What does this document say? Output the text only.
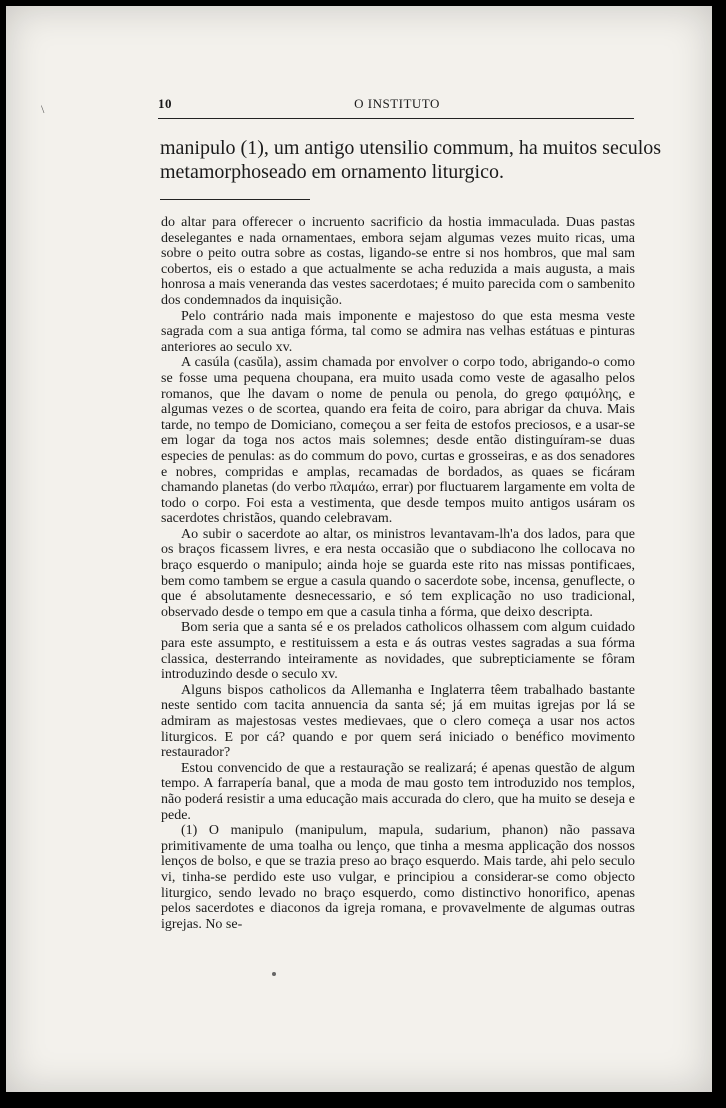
\	10	O INSTITUTO
manipulo (1), um antigo utensilio commum, ha muitos seculos
metamorphoseado em ornamento liturgico.

do altar para offerecer o incruento sacrificio da hostia immaculada. Duas pastas deselegantes e nada ornamentaes, embora sejam algumas vezes muito ricas, uma sobre o peito outra sobre as costas, ligando-se entre si nos hombros, que mal sam cobertos, eis o estado a que actualmente se acha reduzida a mais augusta, a mais honrosa a mais veneranda das vestes sacerdotaes; é muito parecida com o sambenito dos condemnados da inquisição.

Pelo contrário nada mais imponente e majestoso do que esta mesma veste sagrada com a sua antiga fórma, tal como se admira nas velhas estátuas e pinturas anteriores ao seculo xv.

A casúla (casŭla), assim chamada por envolver o corpo todo, abrigando-o como se fosse uma pequena choupana, era muito usada como veste de agasalho pelos romanos, que lhe davam o nome de penula ou penola, do grego φαιμόλης, e algumas vezes o de scortea, quando era feita de coiro, para abrigar da chuva. Mais tarde, no tempo de Domiciano, começou a ser feita de estofos preciosos, e a usar-se em logar da toga nos actos mais solemnes; desde então distinguíram-se duas especies de penulas: as do commum do povo, curtas e grosseiras, e as dos senadores e nobres, compridas e amplas, recamadas de bordados, as quaes se ficáram chamando planetas (do verbo πλαμάω, errar) por fluctuarem largamente em volta de todo o corpo. Foi esta a vestimenta, que desde tempos muito antigos usáram os sacerdotes christãos, quando celebravam.

Ao subir o sacerdote ao altar, os ministros levantavam-lh'a dos lados, para que os braços ficassem livres, e era nesta occasião que o subdiacono lhe collocava no braço esquerdo o manipulo; ainda hoje se guarda este rito nas missas pontificaes, bem como tambem se ergue a casula quando o sacerdote sobe, incensa, genuflecte, o que é absolutamente desnecessario, e só tem explicação no uso tradicional, observado desde o tempo em que a casula tinha a fórma, que deixo descripta.

Bom seria que a santa sé e os prelados catholicos olhassem com algum cuidado para este assumpto, e restituissem a esta e ás outras vestes sagradas a sua fórma classica, desterrando inteiramente as novidades, que subrepticiamente se fôram introduzindo desde o seculo xv.

Alguns bispos catholicos da Allemanha e Inglaterra têem trabalhado bastante neste sentido com tacita annuencia da santa sé; já em muitas igrejas por lá se admiram as majestosas vestes medievaes, que o clero começa a usar nos actos liturgicos. E por cá? quando e por quem será iniciado o benéfico movimento restaurador?

Estou convencido de que a restauração se realizará; é apenas questão de algum tempo. A farrapería banal, que a moda de mau gosto tem introduzido nos templos, não poderá resistir a uma educação mais accurada do clero, que ha muito se deseja e pede.

(1) O manipulo (manipulum, mapula, sudarium, phanon) não passava primitivamente de uma toalha ou lenço, que tinha a mesma applicação dos nossos lenços de bolso, e que se trazia preso ao braço esquerdo. Mais tarde, ahi pelo seculo vi, tinha-se perdido este uso vulgar, e principiou a considerar-se como objecto liturgico, sendo levado no braço esquerdo, como distinctivo honorifico, apenas pelos sacerdotes e diaconos da igreja romana, e provavelmente de algumas outras igrejas. No se-
